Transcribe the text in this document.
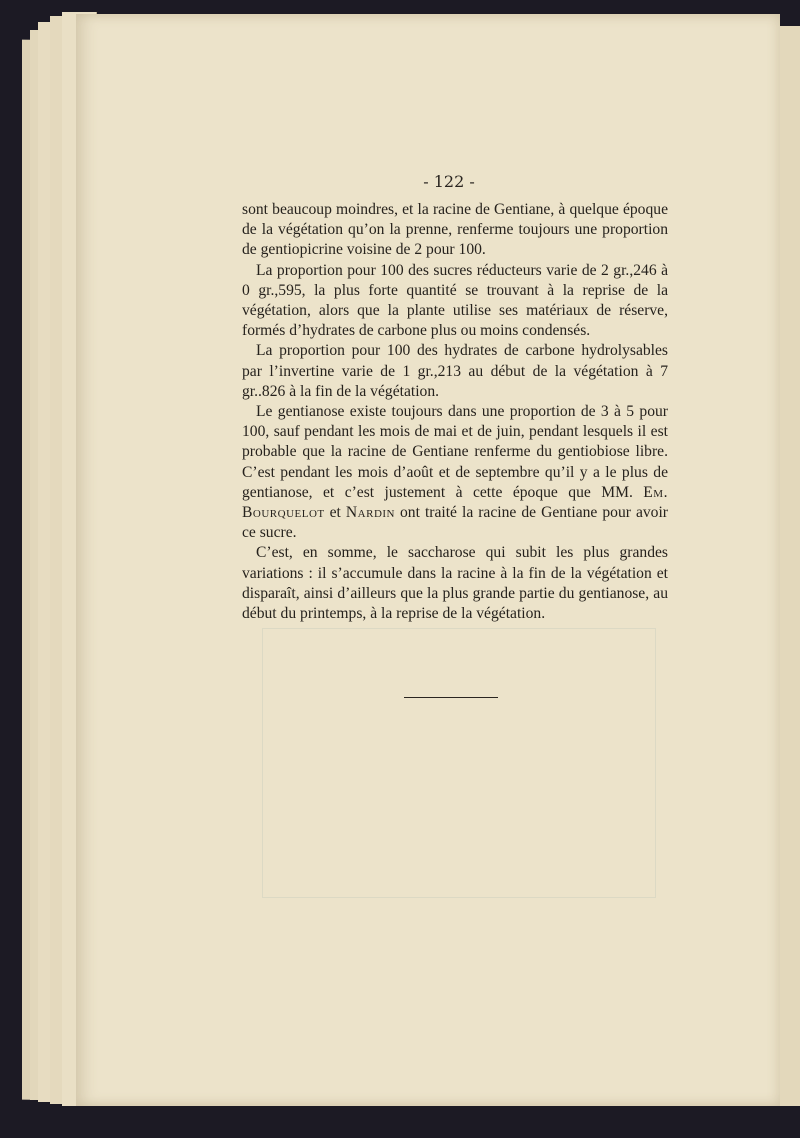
- 122 -

sont beaucoup moindres, et la racine de Gentiane, à quelque époque de la végétation qu’on la prenne, renferme toujours une proportion de gentiopicrine voisine de 2 pour 100.

La proportion pour 100 des sucres réducteurs varie de 2 gr.,246 à 0 gr.,595, la plus forte quantité se trouvant à la reprise de la végétation, alors que la plante utilise ses matériaux de réserve, formés d’hydrates de carbone plus ou moins condensés.

La proportion pour 100 des hydrates de carbone hydrolysables par l’invertine varie de 1 gr.,213 au début de la végétation à 7 gr..826 à la fin de la végétation.

Le gentianose existe toujours dans une proportion de 3 à 5 pour 100, sauf pendant les mois de mai et de juin, pendant lesquels il est probable que la racine de Gentiane renferme du gentiobiose libre. C’est pendant les mois d’août et de septembre qu’il y a le plus de gentianose, et c’est justement à cette époque que MM. Em. Bourquelot et Nardin ont traité la racine de Gentiane pour avoir ce sucre.

C’est, en somme, le saccharose qui subit les plus grandes variations : il s’accumule dans la racine à la fin de la végétation et disparaît, ainsi d’ailleurs que la plus grande partie du gentianose, au début du printemps, à la reprise de la végétation.
